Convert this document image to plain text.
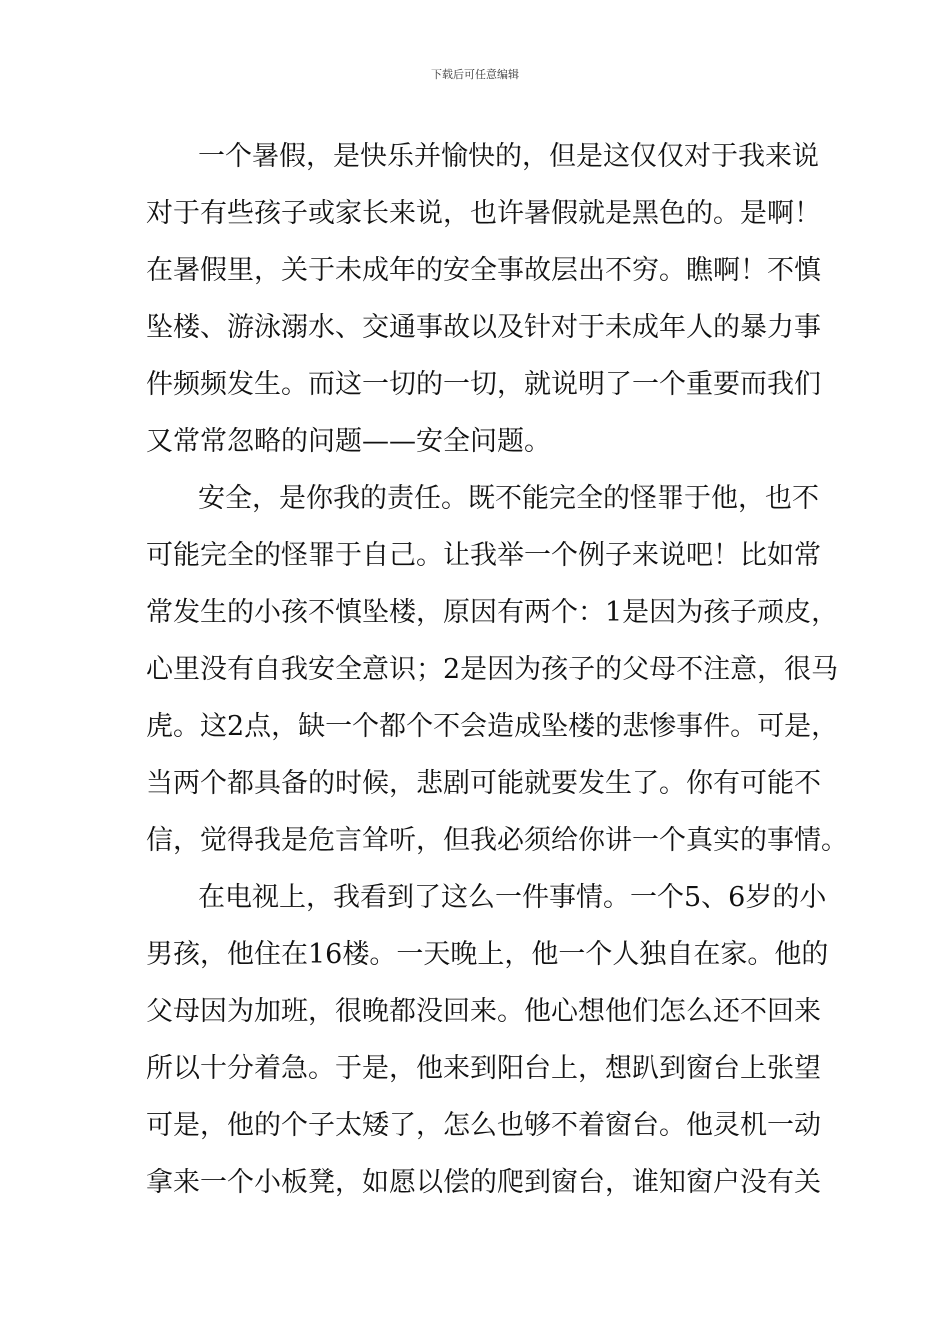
下载后可任意编辑
一个暑假，是快乐并愉快的，但是这仅仅对于我来说
对于有些孩子或家长来说，也许暑假就是黑色的。是啊！
在暑假里，关于未成年的安全事故层出不穷。瞧啊！不慎
坠楼、游泳溺水、交通事故以及针对于未成年人的暴力事
件频频发生。而这一切的一切，就说明了一个重要而我们
又常常忽略的问题——安全问题。
安全，是你我的责任。既不能完全的怪罪于他，也不
可能完全的怪罪于自己。让我举一个例子来说吧！比如常
常发生的小孩不慎坠楼，原因有两个：1是因为孩子顽皮，
心里没有自我安全意识；2是因为孩子的父母不注意，很马
虎。这2点，缺一个都个不会造成坠楼的悲惨事件。可是，
当两个都具备的时候，悲剧可能就要发生了。你有可能不
信，觉得我是危言耸听，但我必须给你讲一个真实的事情。
在电视上，我看到了这么一件事情。一个5、6岁的小
男孩，他住在16楼。一天晚上，他一个人独自在家。他的
父母因为加班，很晚都没回来。他心想他们怎么还不回来
所以十分着急。于是，他来到阳台上，想趴到窗台上张望
可是，他的个子太矮了，怎么也够不着窗台。他灵机一动
拿来一个小板凳，如愿以偿的爬到窗台，谁知窗户没有关
